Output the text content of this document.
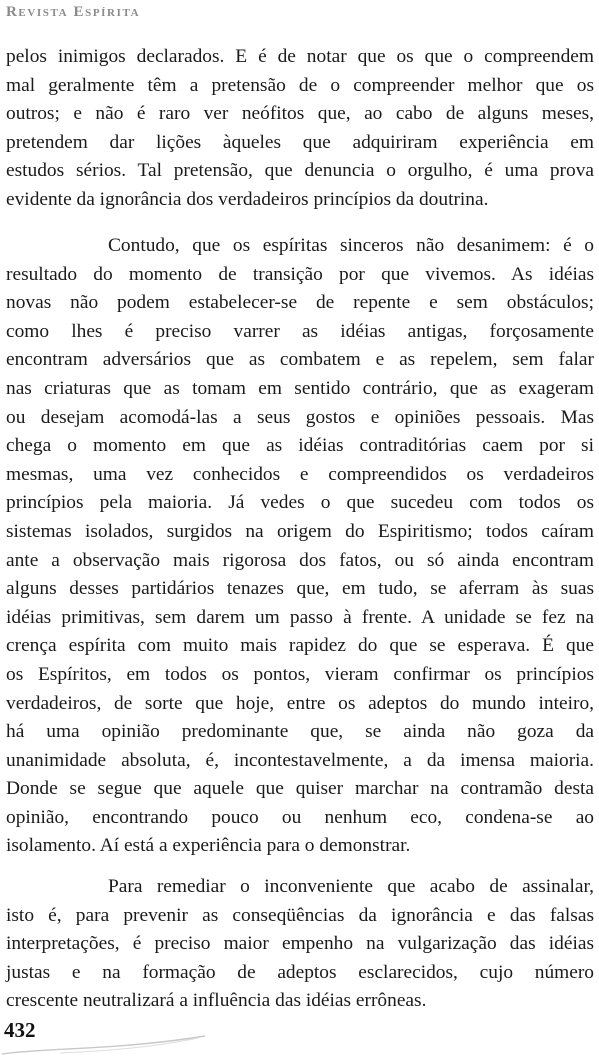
Revista Espírita
pelos inimigos declarados. E é de notar que os que o compreendem
mal geralmente têm a pretensão de o compreender melhor que os
outros; e não é raro ver neófitos que, ao cabo de alguns meses,
pretendem dar lições àqueles que adquiriram experiência em
estudos sérios. Tal pretensão, que denuncia o orgulho, é uma prova
evidente da ignorância dos verdadeiros princípios da doutrina.
Contudo, que os espíritas sinceros não desanimem: é o
resultado do momento de transição por que vivemos. As idéias
novas não podem estabelecer-se de repente e sem obstáculos;
como lhes é preciso varrer as idéias antigas, forçosamente
encontram adversários que as combatem e as repelem, sem falar
nas criaturas que as tomam em sentido contrário, que as exageram
ou desejam acomodá-las a seus gostos e opiniões pessoais. Mas
chega o momento em que as idéias contraditórias caem por si
mesmas, uma vez conhecidos e compreendidos os verdadeiros
princípios pela maioria. Já vedes o que sucedeu com todos os
sistemas isolados, surgidos na origem do Espiritismo; todos caíram
ante a observação mais rigorosa dos fatos, ou só ainda encontram
alguns desses partidários tenazes que, em tudo, se aferram às suas
idéias primitivas, sem darem um passo à frente. A unidade se fez na
crença espírita com muito mais rapidez do que se esperava. É que
os Espíritos, em todos os pontos, vieram confirmar os princípios
verdadeiros, de sorte que hoje, entre os adeptos do mundo inteiro,
há uma opinião predominante que, se ainda não goza da
unanimidade absoluta, é, incontestavelmente, a da imensa maioria.
Donde se segue que aquele que quiser marchar na contramão desta
opinião, encontrando pouco ou nenhum eco, condena-se ao
isolamento. Aí está a experiência para o demonstrar.
Para remediar o inconveniente que acabo de assinalar,
isto é, para prevenir as conseqüências da ignorância e das falsas
interpretações, é preciso maior empenho na vulgarização das idéias
justas e na formação de adeptos esclarecidos, cujo número
crescente neutralizará a influência das idéias errôneas.
432
